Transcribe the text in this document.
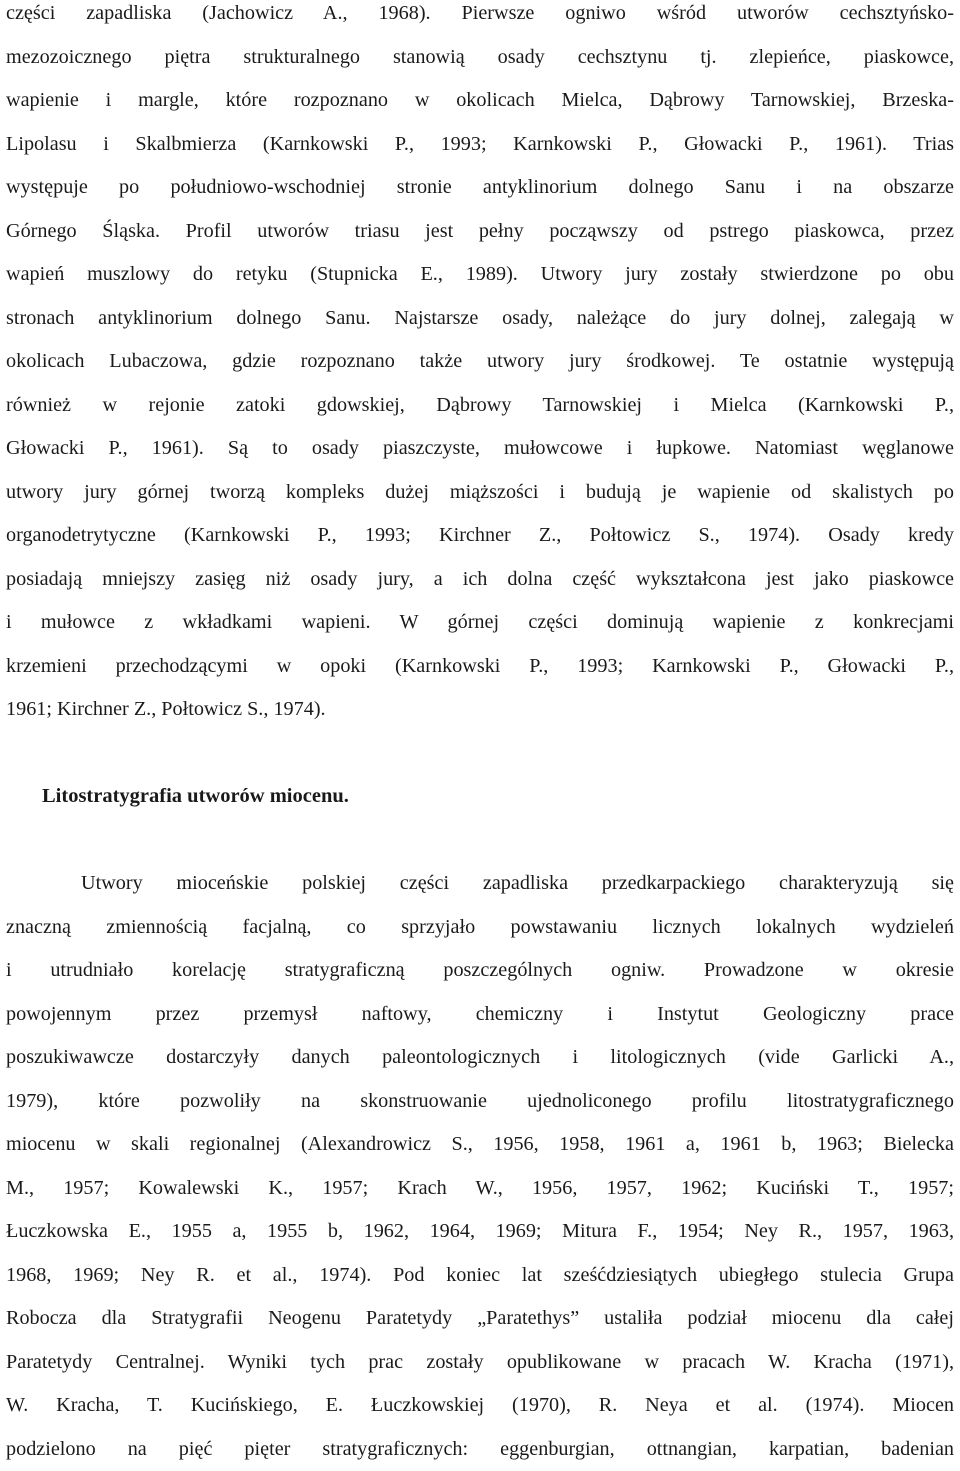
części zapadliska (Jachowicz A., 1968). Pierwsze ogniwo wśród utworów cechsztyńsko-
mezozoicznego piętra strukturalnego stanowią osady cechsztynu tj. zlepieńce, piaskowce,
wapienie i margle, które rozpoznano w okolicach Mielca, Dąbrowy Tarnowskiej, Brzeska-
Lipolasu i Skalbmierza (Karnkowski P., 1993; Karnkowski P., Głowacki P., 1961). Trias
występuje po południowo-wschodniej stronie antyklinorium dolnego Sanu i na obszarze
Górnego Śląska. Profil utworów triasu jest pełny począwszy od pstrego piaskowca, przez
wapień muszlowy do retyku (Stupnicka E., 1989). Utwory jury zostały stwierdzone po obu
stronach antyklinorium dolnego Sanu. Najstarsze osady, należące do jury dolnej, zalegają w
okolicach Lubaczowa, gdzie rozpoznano także utwory jury środkowej. Te ostatnie występują
również w rejonie zatoki gdowskiej, Dąbrowy Tarnowskiej i Mielca (Karnkowski P.,
Głowacki P., 1961). Są to osady piaszczyste, mułowcowe i łupkowe. Natomiast węglanowe
utwory jury górnej tworzą kompleks dużej miąższości i budują je wapienie od skalistych po
organodetrytyczne (Karnkowski P., 1993; Kirchner Z., Połtowicz S., 1974). Osady kredy
posiadają mniejszy zasięg niż osady jury, a ich dolna część wykształcona jest jako piaskowce
i mułowce z wkładkami wapieni. W górnej części dominują wapienie z konkrecjami
krzemieni przechodzącymi w opoki (Karnkowski P., 1993; Karnkowski P., Głowacki P.,
1961; Kirchner Z., Połtowicz S., 1974).
Litostratygrafia utworów miocenu.
Utwory mioceńskie polskiej części zapadliska przedkarpackiego charakteryzują się
znaczną zmiennością facjalną, co sprzyjało powstawaniu licznych lokalnych wydzieleń
i utrudniało korelację stratygraficzną poszczególnych ogniw. Prowadzone w okresie
powojennym przez przemysł naftowy, chemiczny i Instytut Geologiczny prace
poszukiwawcze dostarczyły danych paleontologicznych i litologicznych (vide Garlicki A.,
1979), które pozwoliły na skonstruowanie ujednoliconego profilu litostratygraficznego
miocenu w skali regionalnej (Alexandrowicz S., 1956, 1958, 1961 a, 1961 b, 1963; Bielecka
M., 1957; Kowalewski K., 1957; Krach W., 1956, 1957, 1962; Kuciński T., 1957;
Łuczkowska E., 1955 a, 1955 b, 1962, 1964, 1969; Mitura F., 1954; Ney R., 1957, 1963,
1968, 1969; Ney R. et al., 1974). Pod koniec lat sześćdziesiątych ubiegłego stulecia Grupa
Robocza dla Stratygrafii Neogenu Paratetydy „Paratethys” ustaliła podział miocenu dla całej
Paratetydy Centralnej. Wyniki tych prac zostały opublikowane w pracach W. Kracha (1971),
W. Kracha, T. Kucińskiego, E. Łuczkowskiej (1970), R. Neya et al. (1974). Miocen
podzielono na pięć pięter stratygraficznych: eggenburgian, ottnangian, karpatian, badenian
